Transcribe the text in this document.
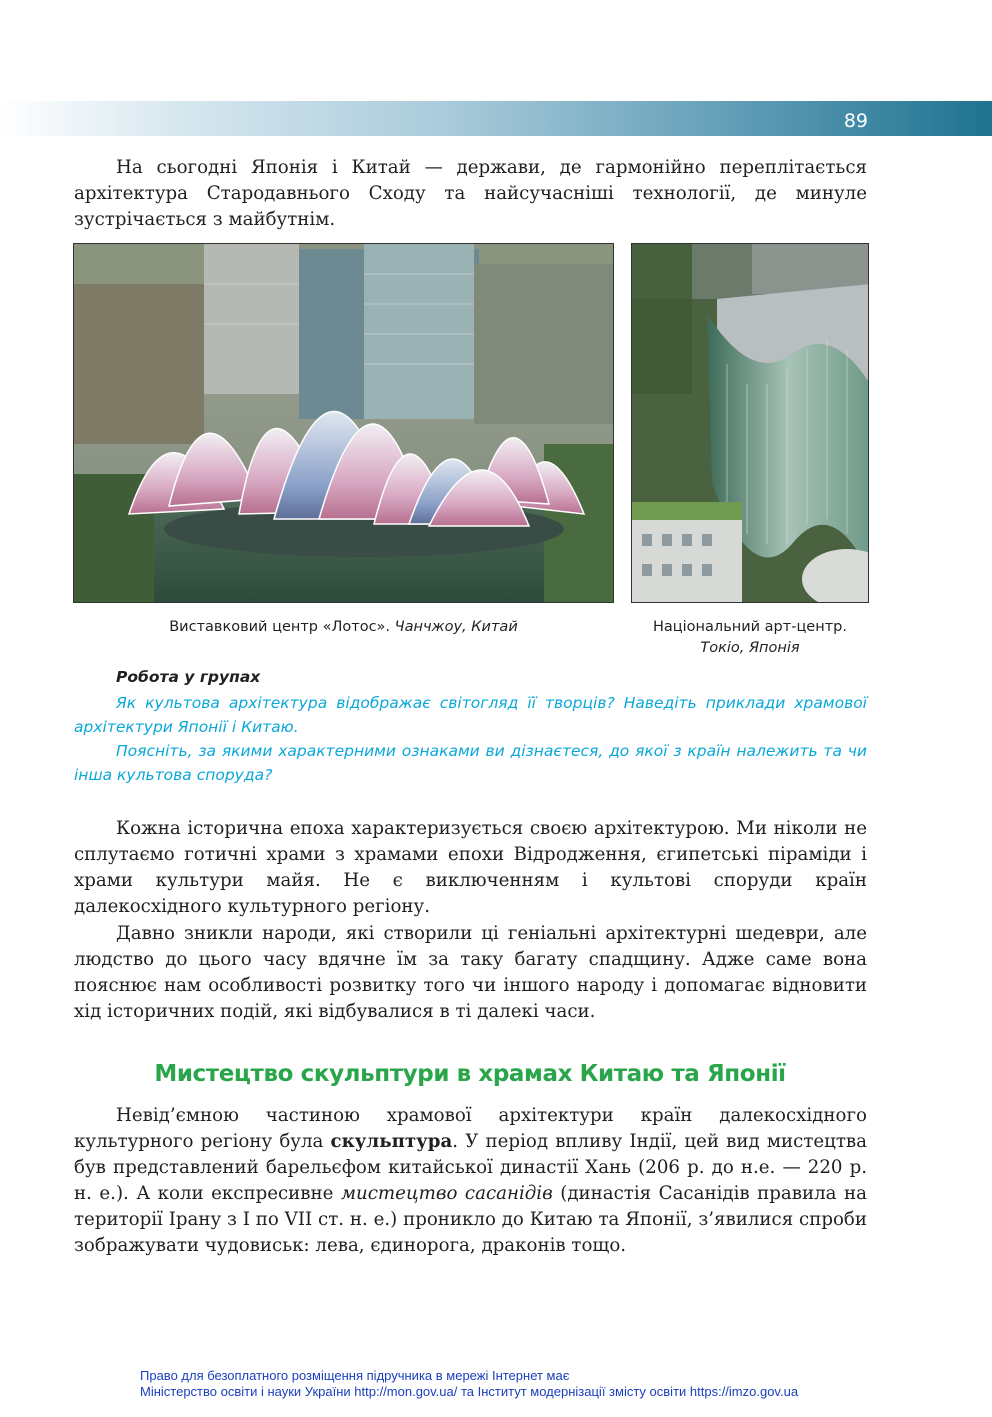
89

На сьогодні Японія і Китай — держави, де гармонійно переплітається архітектура Стародавнього Сходу та найсучасніші технології, де минуле зустрічається з майбутнім.

Виставковий центр «Лотос». Чанчжоу, Китай	Національний арт-центр.
Токіо, Японія
Робота у групах

Як культова архітектура відображає світогляд її творців? Наведіть приклади храмової архітектури Японії і Китаю.

Поясніть, за якими характерними ознаками ви дізнаєтеся, до якої з країн належить та чи інша культова споруда?

Кожна історична епоха характеризується своєю архітектурою. Ми ніколи не сплутаємо готичні храми з храмами епохи Відродження, єгипетські піраміди і храми культури майя. Не є виключенням і культові споруди країн далекосхідного культурного регіону.

Давно зникли народи, які створили ці геніальні архітектурні шедеври, але людство до цього часу вдячне їм за таку багату спадщину. Адже саме вона пояснює нам особливості розвитку того чи іншого народу і допомагає відновити хід історичних подій, які відбувалися в ті далекі часи.

Мистецтво скульптури в храмах Китаю та Японії

Невід’ємною частиною храмової архітектури країн далекосхідного культурного регіону була скульптура. У період впливу Індії, цей вид мистецтва був представлений барельєфом китайської династії Хань (206 р. до н.е. — 220 р. н. е.). А коли експресивне мистецтво сасанідів (династія Сасанідів правила на території Ірану з I по VII ст. н. е.) проникло до Китаю та Японії, з’явилися спроби зображувати чудовиськ: лева, єдинорога, драконів тощо.

Право для безоплатного розміщення підручника в мережі Інтернет має
Міністерство освіти і науки України http://mon.gov.ua/ та Інститут модернізації змісту освіти https://imzo.gov.ua
